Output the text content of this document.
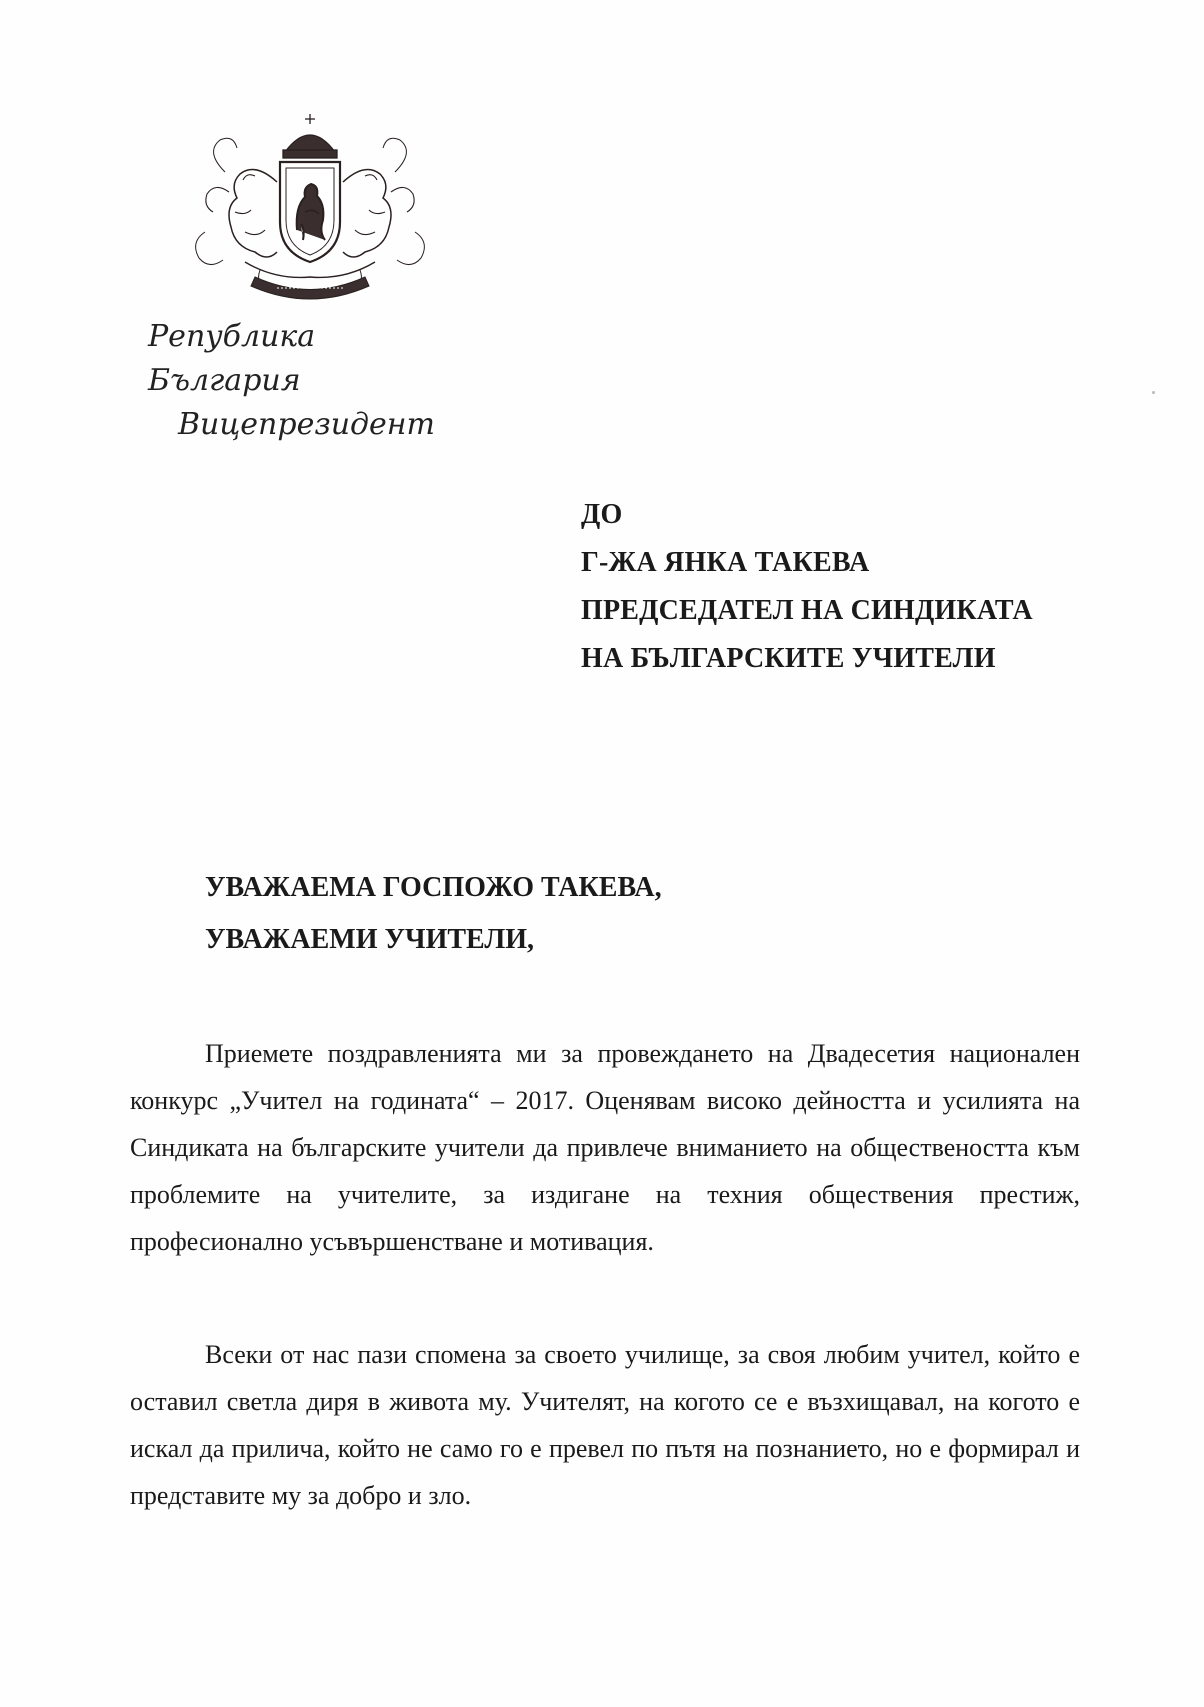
Република България
Вицепрезидент
ДО
Г-ЖА ЯНКА ТАКЕВА
ПРЕДСЕДАТЕЛ НА СИНДИКАТА
НА БЪЛГАРСКИТЕ УЧИТЕЛИ
УВАЖАЕМА ГОСПОЖО ТАКЕВА,
УВАЖАЕМИ УЧИТЕЛИ,

Приемете поздравленията ми за провеждането на Двадесетия национален конкурс „Учител на годината“ – 2017. Оценявам високо дейността и усилията на Синдиката на българските учители да привлече вниманието на обществеността към проблемите на учителите, за издигане на техния обществения престиж, професионално усъвършенстване и мотивация.

Всеки от нас пази спомена за своето училище, за своя любим учител, който е оставил светла диря в живота му. Учителят, на когото се е възхищавал, на когото е искал да прилича, който не само го е превел по пътя на познанието, но е формирал и представите му за добро и зло.
